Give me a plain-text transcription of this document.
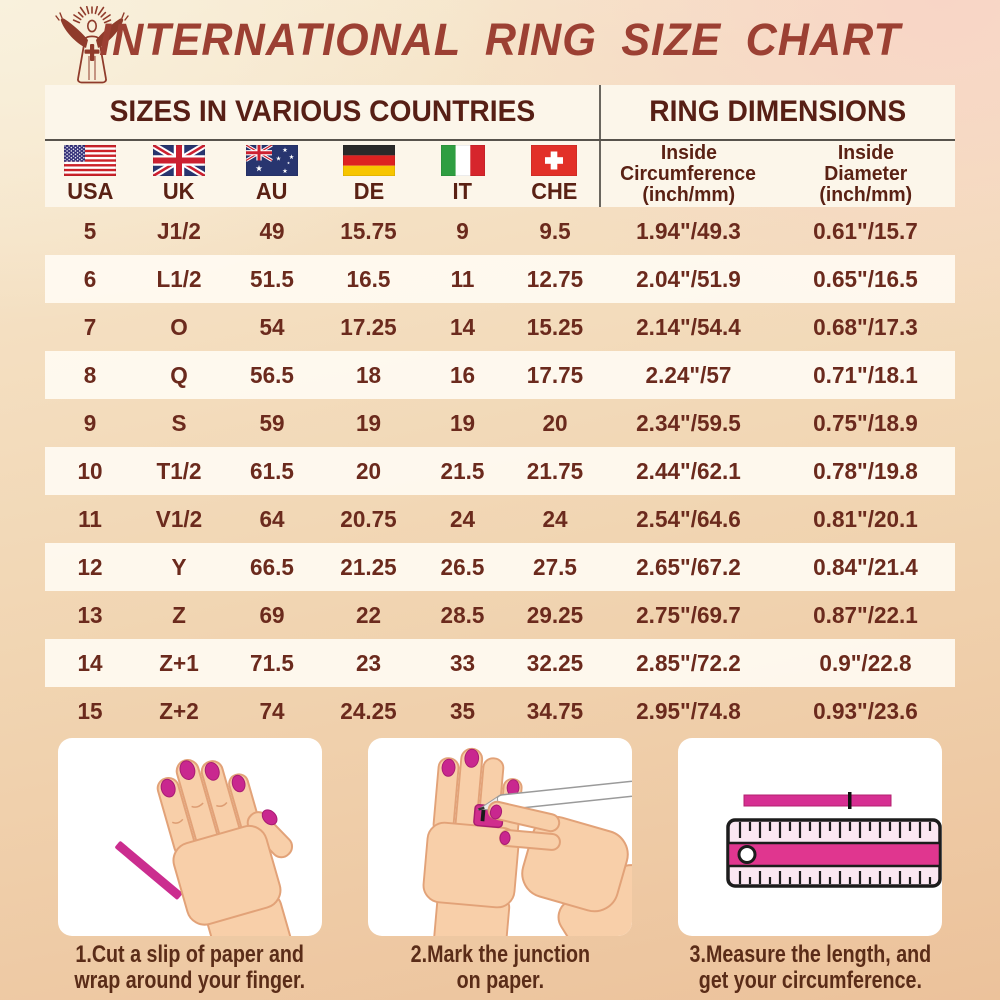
INTERNATIONAL RING SIZE CHART
SIZES IN VARIOUS COUNTRIES	RING DIMENSIONS
USA UK	AU	DE	IT	CHE
Inside
Circumference
(inch/mm)
Inside
Diameter
(inch/mm)
5	J1/2	49	15.75	9	9.5	1.94"/49.3	0.61"/15.7
6	L1/2	51.5	16.5	11	12.75	2.04"/51.9	0.65"/16.5
7	O	54	17.25	14	15.25	2.14"/54.4	0.68"/17.3
8	Q	56.5	18	16	17.75	2.24"/57	0.71"/18.1
9	S	59	19	19	20	2.34"/59.5	0.75"/18.9
10	T1/2	61.5	20	21.5	21.75	2.44"/62.1	0.78"/19.8
11	V1/2	64	20.75	24	24	2.54"/64.6	0.81"/20.1
12	Y	66.5	21.25	26.5	27.5	2.65"/67.2	0.84"/21.4
13	Z	69	22	28.5	29.25	2.75"/69.7	0.87"/22.1
14	Z+1	71.5	23	33	32.25	2.85"/72.2	0.9"/22.8
15	Z+2	74	24.25	35	34.75	2.95"/74.8	0.93"/23.6
1.Cut a slip of paper and
wrap around your finger.
2.Mark the junction
on paper.
3.Measure the length, and
get your circumference.
